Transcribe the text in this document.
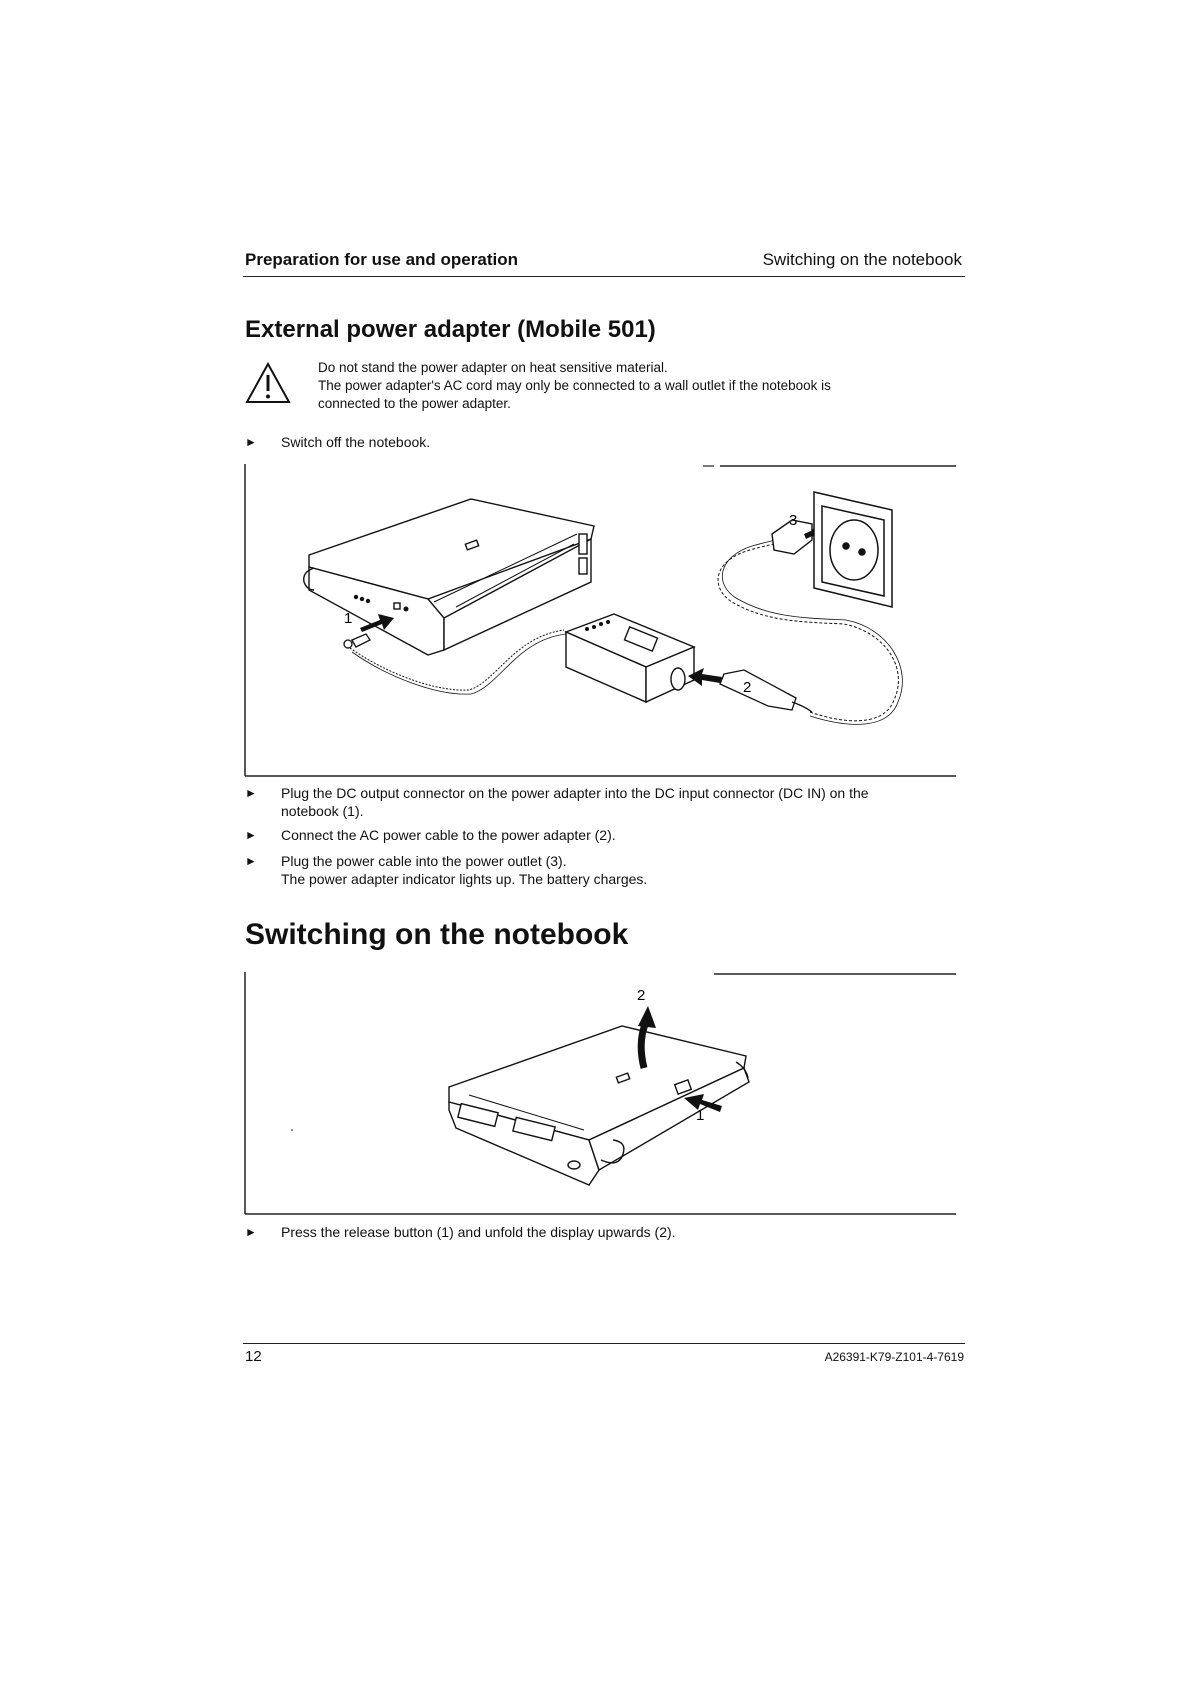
Preparation for use and operation	Switching on the notebook
External power adapter (Mobile 501)
Do not stand the power adapter on heat sensitive material.
The power adapter's AC cord may only be connected to a wall outlet if the notebook is
connected to the power adapter.
► Switch off the notebook.
1
2
3
► Plug the DC output connector on the power adapter into the DC input connector (DC IN) on the
notebook (1).
► Connect the AC power cable to the power adapter (2).
► Plug the power cable into the power outlet (3).
The power adapter indicator lights up. The battery charges.
Switching on the notebook
1
2
► Press the release button (1) and unfold the display upwards (2).
12	A26391-K79-Z101-4-7619
